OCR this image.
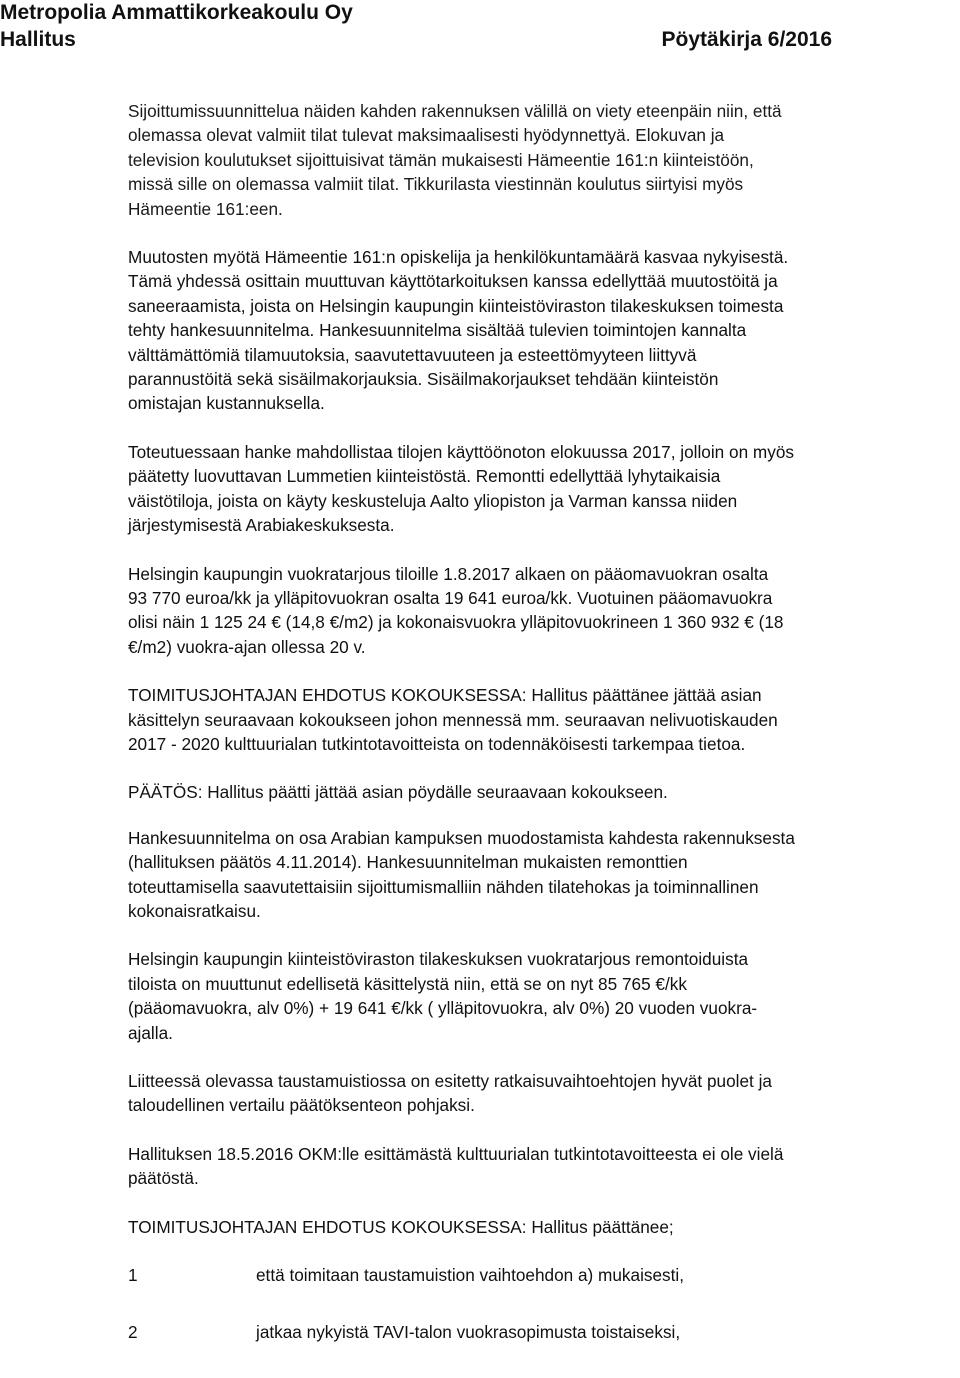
Metropolia Ammattikorkeakoulu Oy
Hallitus	Pöytäkirja 6/2016

Sijoittumissuunnittelua näiden kahden rakennuksen välillä on viety eteenpäin niin, että
olemassa olevat valmiit tilat tulevat maksimaalisesti hyödynnettyä. Elokuvan ja
television koulutukset sijoittuisivat tämän mukaisesti Hämeentie 161:n kiinteistöön,
missä sille on olemassa valmiit tilat. Tikkurilasta viestinnän koulutus siirtyisi myös
Hämeentie 161:een.

Muutosten myötä Hämeentie 161:n opiskelija ja henkilökuntamäärä kasvaa nykyisestä.
Tämä yhdessä osittain muuttuvan käyttötarkoituksen kanssa edellyttää muutostöitä ja
saneeraamista, joista on Helsingin kaupungin kiinteistöviraston tilakeskuksen toimesta
tehty hankesuunnitelma. Hankesuunnitelma sisältää tulevien toimintojen kannalta
välttämättömiä tilamuutoksia, saavutettavuuteen ja esteettömyyteen liittyvä
parannustöitä sekä sisäilmakorjauksia. Sisäilmakorjaukset tehdään kiinteistön
omistajan kustannuksella.

Toteutuessaan hanke mahdollistaa tilojen käyttöönoton elokuussa 2017, jolloin on myös
päätetty luovuttavan Lummetien kiinteistöstä. Remontti edellyttää lyhytaikaisia
väistötiloja, joista on käyty keskusteluja Aalto yliopiston ja Varman kanssa niiden
järjestymisestä Arabiakeskuksesta.

Helsingin kaupungin vuokratarjous tiloille 1.8.2017 alkaen on pääomavuokran osalta
93 770 euroa/kk ja ylläpitovuokran osalta 19 641 euroa/kk. Vuotuinen pääomavuokra
olisi näin 1 125 24 € (14,8 €/m2) ja kokonaisvuokra ylläpitovuokrineen 1 360 932 € (18
€/m2) vuokra-ajan ollessa 20 v.

TOIMITUSJOHTAJAN EHDOTUS KOKOUKSESSA: Hallitus päättänee jättää asian
käsittelyn seuraavaan kokoukseen johon mennessä mm. seuraavan nelivuotiskauden
2017 - 2020 kulttuurialan tutkintotavoitteista on todennäköisesti tarkempaa tietoa.

PÄÄTÖS: Hallitus päätti jättää asian pöydälle seuraavaan kokoukseen.

Hankesuunnitelma on osa Arabian kampuksen muodostamista kahdesta rakennuksesta
(hallituksen päätös 4.11.2014). Hankesuunnitelman mukaisten remonttien
toteuttamisella saavutettaisiin sijoittumismalliin nähden tilatehokas ja toiminnallinen
kokonaisratkaisu.

Helsingin kaupungin kiinteistöviraston tilakeskuksen vuokratarjous remontoiduista
tiloista on muuttunut edellisetä käsittelystä niin, että se on nyt 85 765 €/kk
(pääomavuokra, alv 0%) + 19 641 €/kk ( ylläpitovuokra, alv 0%) 20 vuoden vuokra-
ajalla.

Liitteessä olevassa taustamuistiossa on esitetty ratkaisuvaihtoehtojen hyvät puolet ja
taloudellinen vertailu päätöksenteon pohjaksi.

Hallituksen 18.5.2016 OKM:lle esittämästä kulttuurialan tutkintotavoitteesta ei ole vielä
päätöstä.

TOIMITUSJOHTAJAN EHDOTUS KOKOUKSESSA: Hallitus päättänee;

1	että toimitaan taustamuistion vaihtoehdon a) mukaisesti,
2	jatkaa nykyistä TAVI-talon vuokrasopimusta toistaiseksi,
